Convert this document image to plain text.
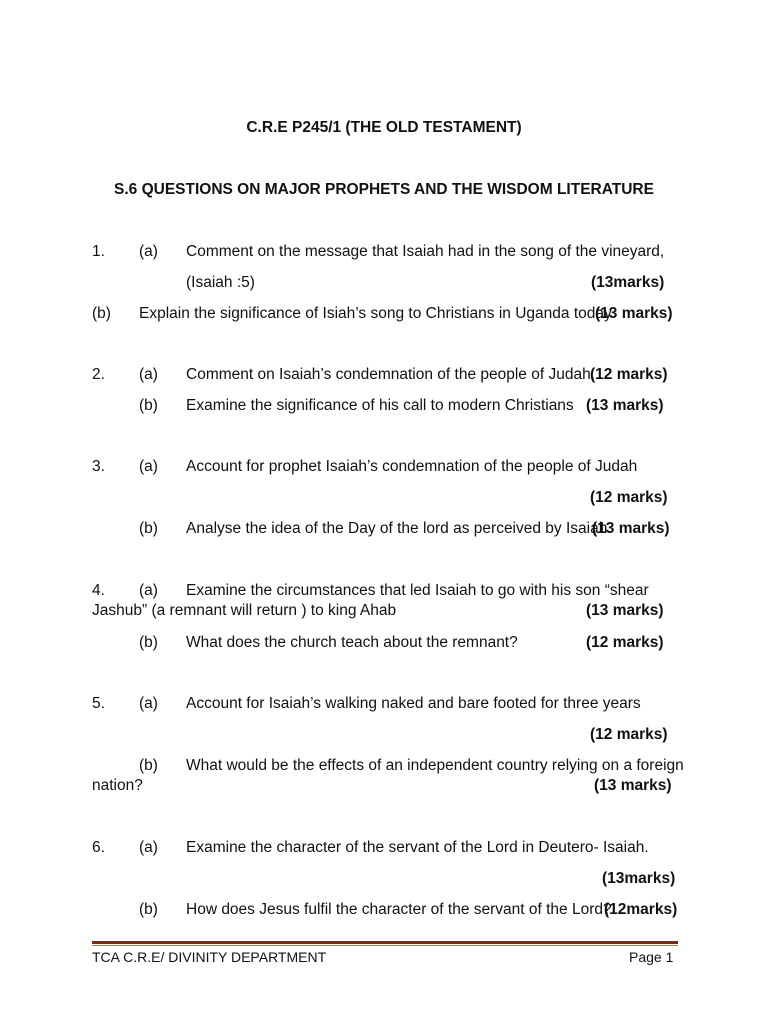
C.R.E P245/1 (THE OLD TESTAMENT)
S.6 QUESTIONS ON MAJOR PROPHETS AND THE WISDOM LITERATURE
1. (a) Comment on the message that Isaiah had in the song of the vineyard,
(Isaiah :5)	(13marks)
(b) Explain the significance of Isiah’s song to Christians in Uganda today
(13 marks)
2. (a) Comment on Isaiah’s condemnation of the people of Judah.
(12 marks)
(b) Examine the significance of his call to modern Christians (13 marks)
3. (a) Account for prophet Isaiah’s condemnation of the people of Judah
(12 marks)
(b) Analyse the idea of the Day of the lord as perceived by Isaiah
(13 marks)
4. (a) Examine the circumstances that led Isaiah to go with his son “shear
Jashub” (a remnant will return ) to king Ahab	(13 marks)
(b) What does the church teach about the remnant?	(12 marks)
5. (a) Account for Isaiah’s walking naked and bare footed for three years
(12 marks)
(b) What would be the effects of an independent country relying on a foreign
nation?	(13 marks)
6. (a) Examine the character of the servant of the Lord in Deutero- Isaiah.
(13marks)
(b) How does Jesus fulfil the character of the servant of the Lord?
(12marks)
TCA C.R.E/ DIVINITY DEPARTMENT	Page 1
